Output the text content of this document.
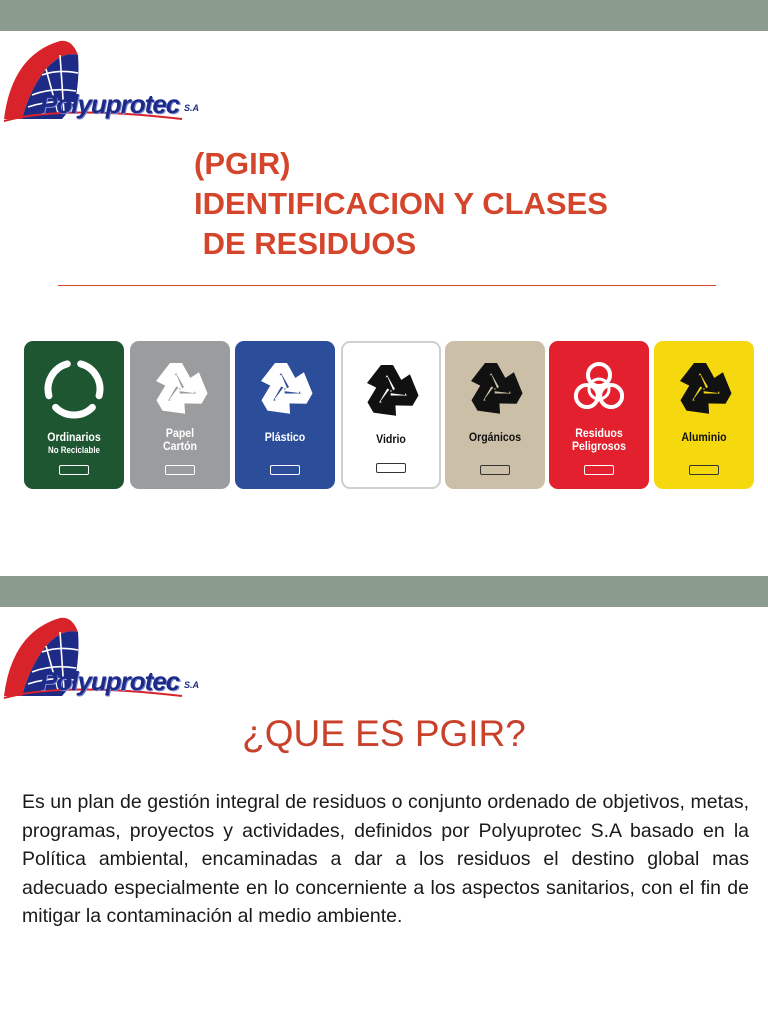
Polyuprotec S.A
(PGIR)
IDENTIFICACION Y CLASES
DE RESIDUOS
Ordinarios
No Reciclable
Papel
Cartón
Plástico	Vidrio	Orgánicos	Residuos
Peligrosos
Aluminio
Polyuprotec S.A
¿QUE ES PGIR?
Es un plan de gestión integral de residuos o conjunto ordenado de objetivos, metas, programas, proyectos y actividades, definidos por Polyuprotec S.A basado en la Política ambiental, encaminadas a dar a los residuos el destino global mas adecuado especialmente en lo concerniente a los aspectos sanitarios, con el fin de mitigar la contaminación al medio ambiente.
